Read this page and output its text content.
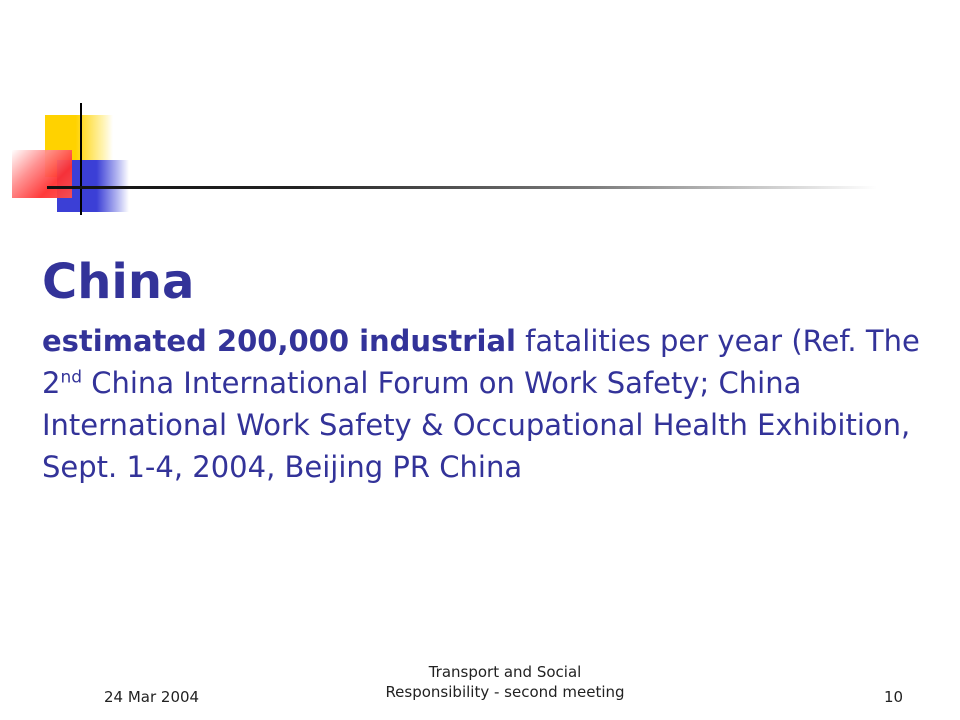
China

estimated 200,000 industrial fatalities per year (Ref. The 2nd China International Forum on Work Safety; China International Work Safety & Occupational Health Exhibition, Sept. 1-4, 2004, Beijing PR China

24 Mar 2004
Transport and Social
Responsibility - second meeting	10
